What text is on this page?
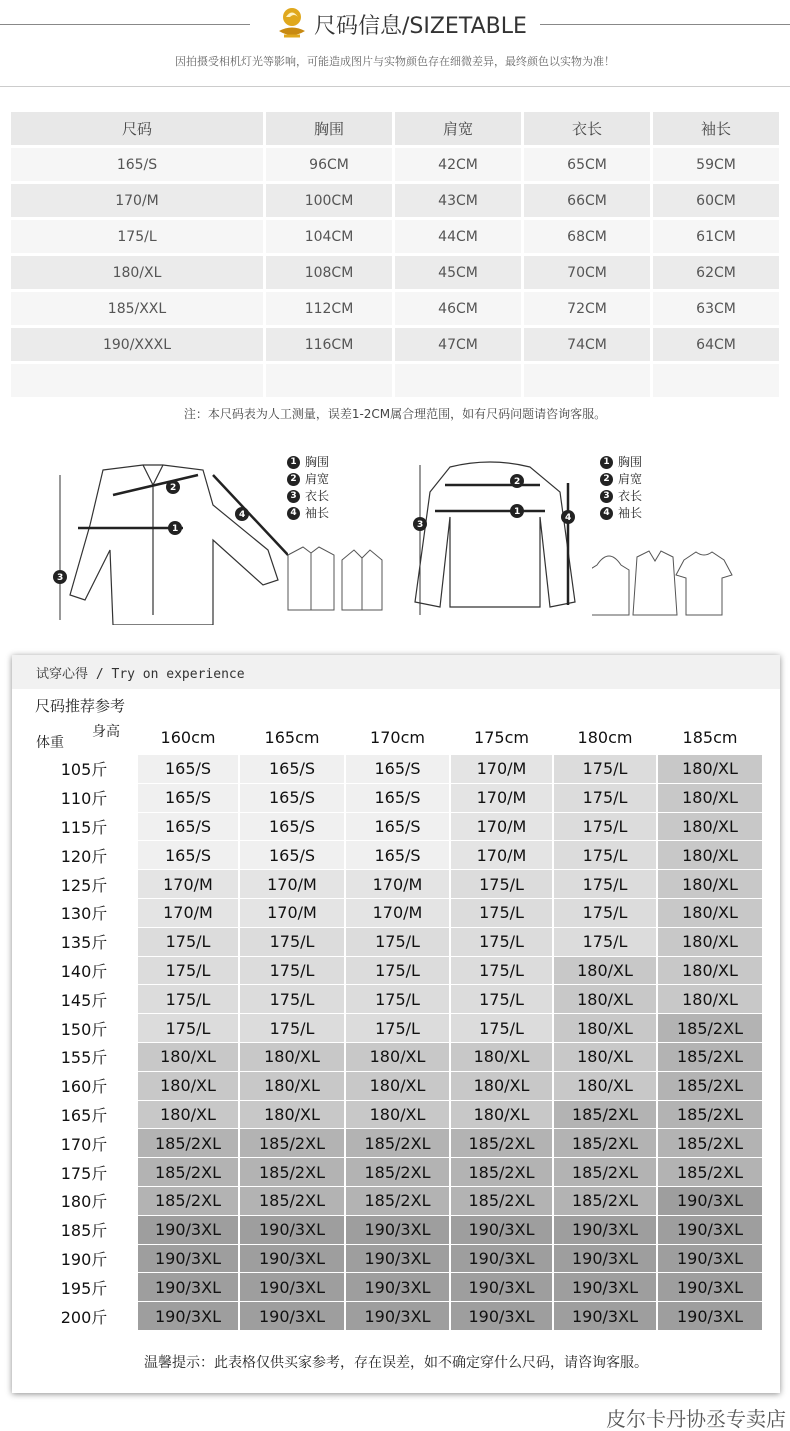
尺码信息/SIZETABLE
因拍摄受相机灯光等影响，可能造成图片与实物颜色存在细微差异，最终颜色以实物为准！
尺码	胸围	肩宽	衣长	袖长
165/S	96CM	42CM	65CM	59CM
170/M	100CM	43CM	66CM	60CM
175/L	104CM	44CM	68CM	61CM
180/XL	108CM	45CM	70CM	62CM
185/XXL	112CM	46CM	72CM	63CM
190/XXXL	116CM	47CM	74CM	64CM

注：本尺码表为人工测量，误差1-2CM属合理范围，如有尺码问题请咨询客服。
1
2
3
4
1 胸围
2 肩宽
3 衣长
4 袖长	1
2
3
4
1 胸围
2 肩宽
3 衣长
4 袖长
试穿心得 / Try on experience
尺码推荐参考
	160cm	165cm	170cm	175cm	180cm	185cm
105斤	165/S	165/S	165/S	170/M	175/L	180/XL
110斤	165/S	165/S	165/S	170/M	175/L	180/XL
115斤	165/S	165/S	165/S	170/M	175/L	180/XL
120斤	165/S	165/S	165/S	170/M	175/L	180/XL
125斤	170/M	170/M	170/M	175/L	175/L	180/XL
130斤	170/M	170/M	170/M	175/L	175/L	180/XL
135斤	175/L	175/L	175/L	175/L	175/L	180/XL
140斤	175/L	175/L	175/L	175/L	180/XL	180/XL
145斤	175/L	175/L	175/L	175/L	180/XL	180/XL
150斤	175/L	175/L	175/L	175/L	180/XL	185/2XL
155斤	180/XL	180/XL	180/XL	180/XL	180/XL	185/2XL
160斤	180/XL	180/XL	180/XL	180/XL	180/XL	185/2XL
165斤	180/XL	180/XL	180/XL	180/XL	185/2XL	185/2XL
170斤	185/2XL	185/2XL	185/2XL	185/2XL	185/2XL	185/2XL
175斤	185/2XL	185/2XL	185/2XL	185/2XL	185/2XL	185/2XL
180斤	185/2XL	185/2XL	185/2XL	185/2XL	185/2XL	190/3XL
185斤	190/3XL	190/3XL	190/3XL	190/3XL	190/3XL	190/3XL
190斤	190/3XL	190/3XL	190/3XL	190/3XL	190/3XL	190/3XL
195斤	190/3XL	190/3XL	190/3XL	190/3XL	190/3XL	190/3XL
200斤	190/3XL	190/3XL	190/3XL	190/3XL	190/3XL	190/3XL
身高
体重
温馨提示：此表格仅供买家参考，存在误差，如不确定穿什么尺码，请咨询客服。
皮尔卡丹协丞专卖店
